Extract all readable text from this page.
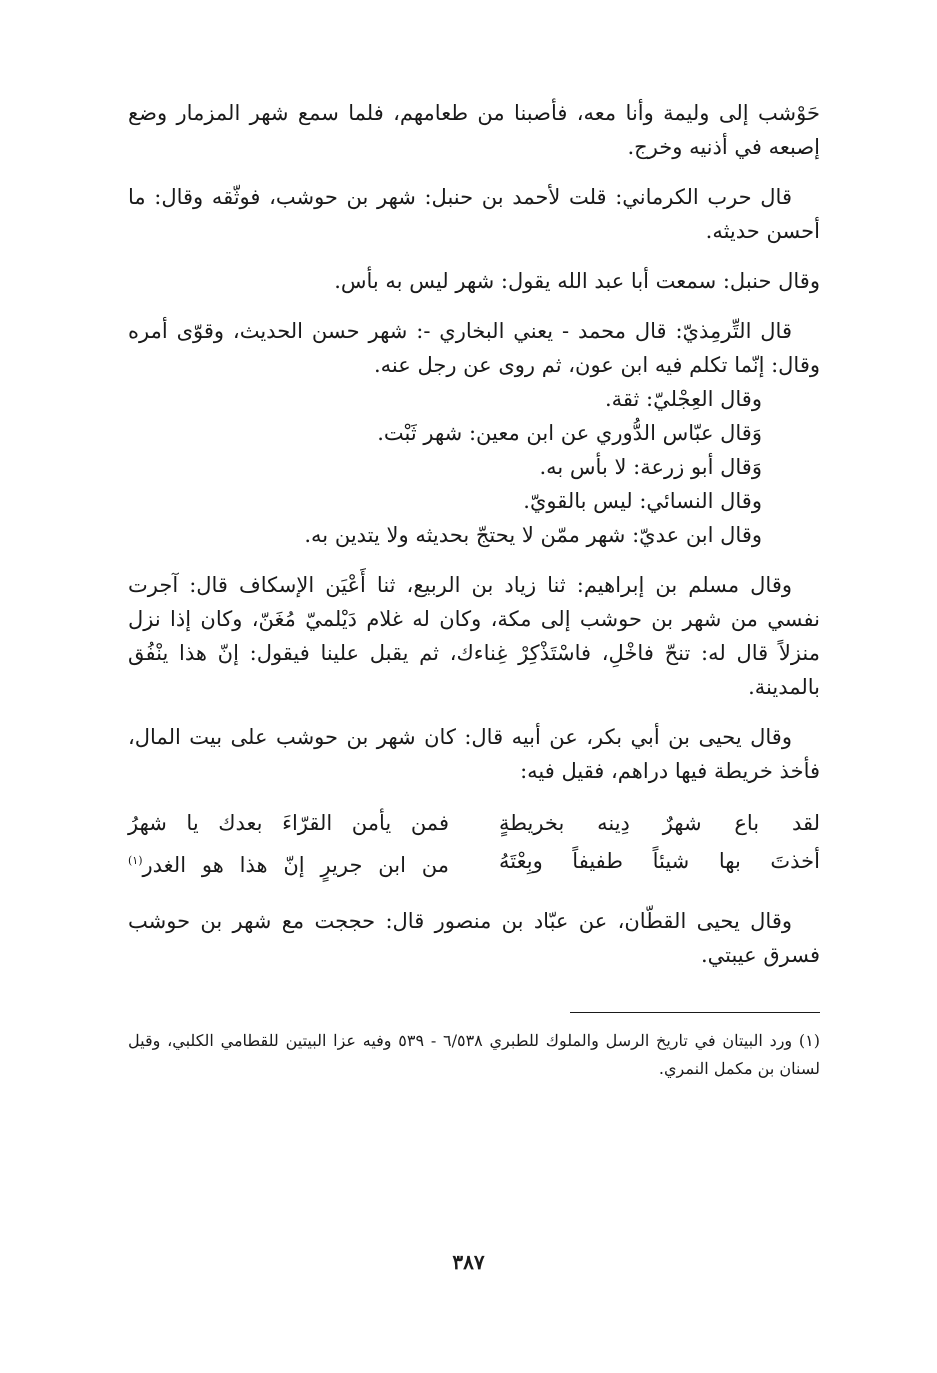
حَوْشب إلى وليمة وأنا معه، فأصبنا من طعامهم، فلما سمع شهر المزمار وضع إصبعه في أذنيه وخرج.

قال حرب الكرماني: قلت لأحمد بن حنبل: شهر بن حوشب، فوثّقه وقال: ما أحسن حديثه.

وقال حنبل: سمعت أبا عبد الله يقول: شهر ليس به بأس.

قال التِّرمِذيّ: قال محمد - يعني البخاري -: شهر حسن الحديث، وقوّى أمره وقال: إنّما تكلم فيه ابن عون، ثم روى عن رجل عنه.

وقال العِجْليّ: ثقة.

وَقال عبّاس الدُّوري عن ابن معين: شهر ثَبْت.

وَقال أبو زرعة: لا بأس به.

وقال النسائي: ليس بالقويّ.

وقال ابن عديّ: شهر ممّن لا يحتجّ بحديثه ولا يتدين به.

وقال مسلم بن إبراهيم: ثنا زياد بن الربيع، ثنا أَعْيَن الإسكاف قال: آجرت نفسي من شهر بن حوشب إلى مكة، وكان له غلام دَيْلميّ مُغَنّ، وكان إذا نزل منزلاً قال له: تنحّ فاخْلِ، فاسْتَذْكِرْ غِناءك، ثم يقبل علينا فيقول: إنّ هذا ينْفُق بالمدينة.

وقال يحيى بن أبي بكر، عن أبيه قال: كان شهر بن حوشب على بيت المال، فأخذ خريطة فيها دراهم، فقيل فيه:

لقد باع شهرٌ دِينه بخريطةٍ
فمن يأمن القرّاءَ بعدك يا شهرُ
أخذتَ بها شيئاً طفيفاً وبِعْتَهُ
من ابن جريرٍ إنّ هذا هو الغدر$^{(١)}$

وقال يحيى القطّان، عن عبّاد بن منصور قال: حججت مع شهر بن حوشب فسرق عيبتي.

(١) ورد البيتان في تاريخ الرسل والملوك للطبري ٦/٥٣٨ - ٥٣٩ وفيه عزا البيتين للقطامي الكلبي، وقيل لسنان بن مكمل النمري.

٣٨٧
